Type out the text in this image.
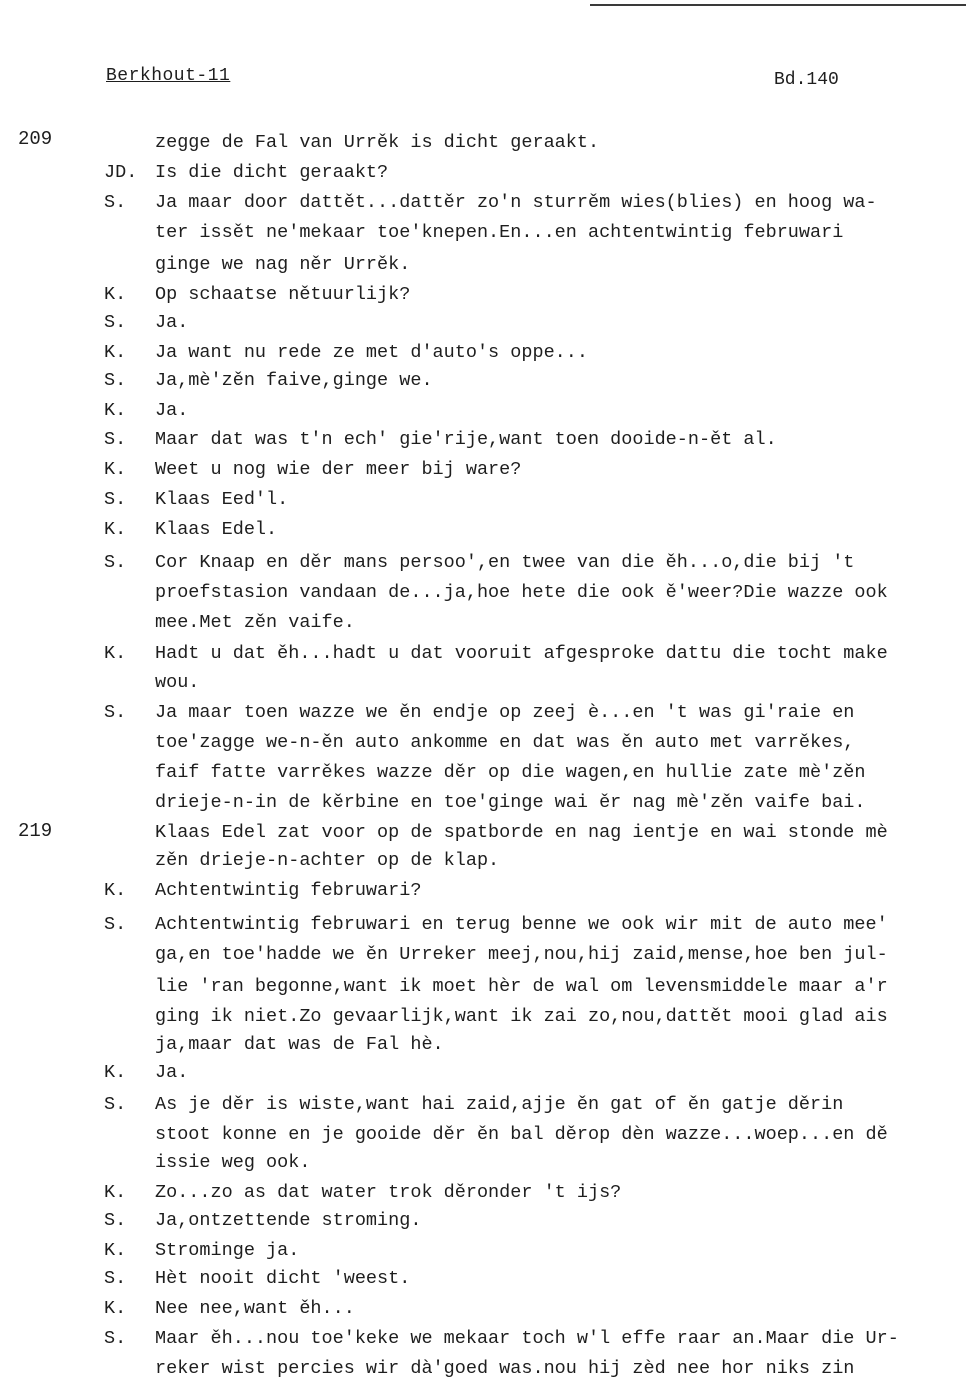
Berkhout-11	Bd.140
209
219
zegge de Fal van Urrěk is dicht geraakt.
JD. Is die dicht geraakt?
S. Ja maar door dattět...dattěr zo'n sturrěm wies(blies) en hoog wa-
ter issět ne'mekaar toe'knepen.En...en achtentwintig februwari
ginge we nag něr Urrěk.
K. Op schaatse nětuurlijk?
S. Ja.
K. Ja want nu rede ze met d'auto's oppe...
S. Ja,mè'zěn faive,ginge we.
K. Ja.
S. Maar dat was t'n ech' gie'rije,want toen dooide-n-ět al.
K. Weet u nog wie der meer bij ware?
S. Klaas Eed'l.
K. Klaas Edel.
S. Cor Knaap en děr mans persoo',en twee van die ěh...o,die bij 't
proefstasion vandaan de...ja,hoe hete die ook ě'weer?Die wazze ook
mee.Met zěn vaife.
K. Hadt u dat ěh...hadt u dat vooruit afgesproke dattu die tocht make
wou.
S. Ja maar toen wazze we ěn endje op zeej è...en 't was gi'raie en
toe'zagge we-n-ěn auto ankomme en dat was ěn auto met varrěkes,
faif fatte varrěkes wazze děr op die wagen,en hullie zate mè'zěn
drieje-n-in de kěrbine en toe'ginge wai ěr nag mè'zěn vaife bai.
Klaas Edel zat voor op de spatborde en nag ientje en wai stonde mè
zěn drieje-n-achter op de klap.
K. Achtentwintig februwari?
S. Achtentwintig februwari en terug benne we ook wir mit de auto mee'
ga,en toe'hadde we ěn Urreker meej,nou,hij zaid,mense,hoe ben jul-
lie 'ran begonne,want ik moet hèr de wal om levensmiddele maar a'r
ging ik niet.Zo gevaarlijk,want ik zai zo,nou,dattět mooi glad ais
ja,maar dat was de Fal hè.
K. Ja.
S. As je děr is wiste,want hai zaid,ajje ěn gat of ěn gatje děrin
stoot konne en je gooide děr ěn bal děrop dèn wazze...woep...en dě
issie weg ook.
K. Zo...zo as dat water trok děronder 't ijs?
S. Ja,ontzettende stroming.
K. Strominge ja.
S. Hèt nooit dicht 'weest.
K. Nee nee,want ěh...
S. Maar ěh...nou toe'keke we mekaar toch w'l effe raar an.Maar die Ur-
reker wist percies wir dà'goed was.nou hij zèd nee hor niks zin
